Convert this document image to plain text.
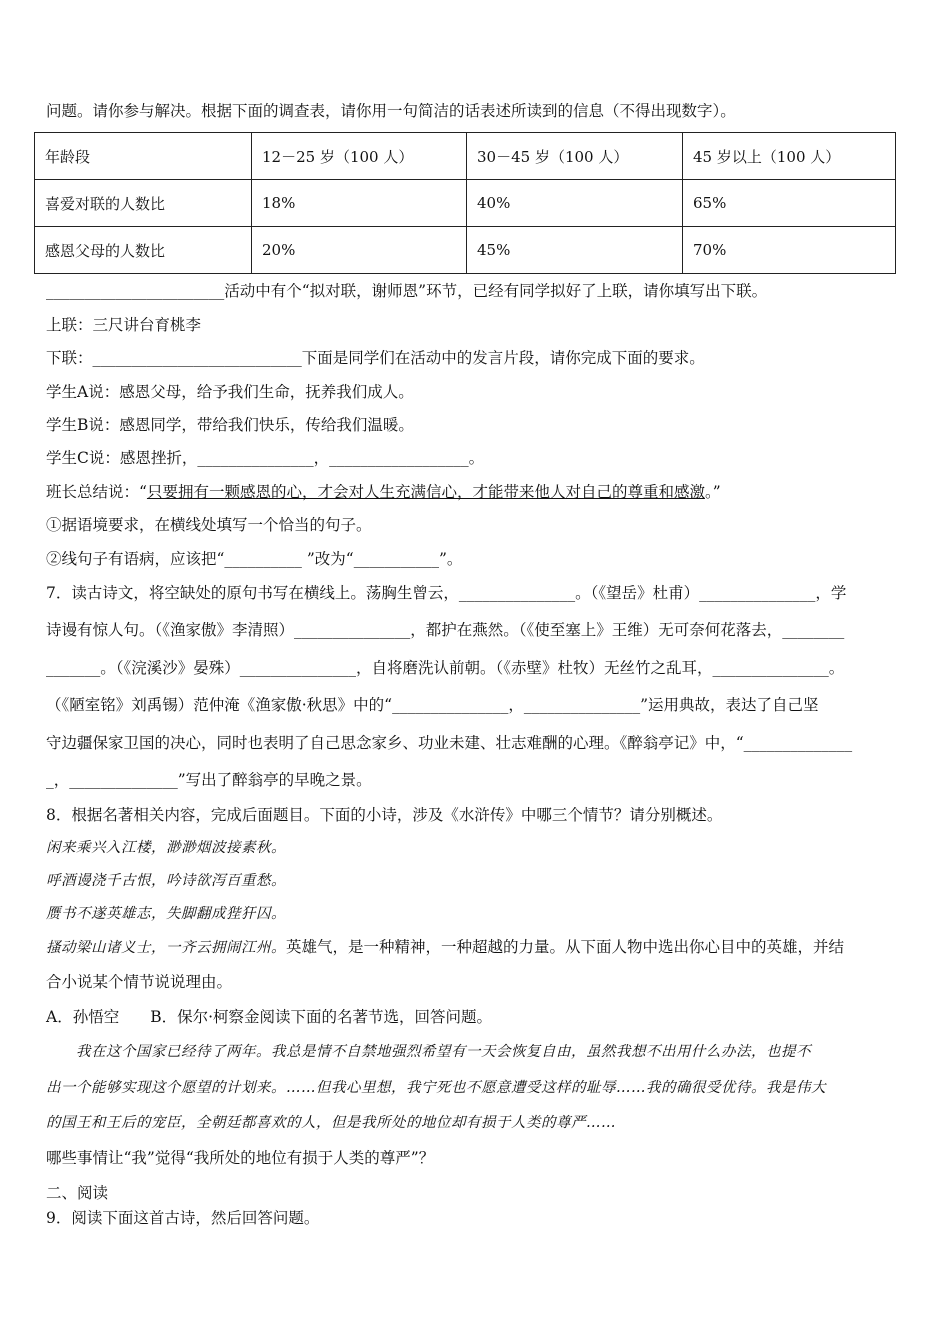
问题。请你参与解决。根据下面的调查表，请你用一句简洁的话表述所读到的信息（不得出现数字）。
年龄段	12－25 岁（100 人）	30－45 岁（100 人）	45 岁以上（100 人）
喜爱对联的人数比	18%	40%	65%
感恩父母的人数比	20%	45%	70%
_______________________活动中有个“拟对联，谢师恩”环节，已经有同学拟好了上联，请你填写出下联。
上联：三尺讲台育桃李
下联：___________________________下面是同学们在活动中的发言片段，请你完成下面的要求。
学生A说：感恩父母，给予我们生命，抚养我们成人。
学生B说：感恩同学，带给我们快乐，传给我们温暖。
学生C说：感恩挫折，_______________，__________________。
班长总结说：“只要拥有一颗感恩的心，才会对人生充满信心，才能带来他人对自己的尊重和感激。”
①据语境要求，在横线处填写一个恰当的句子。
②线句子有语病，应该把“__________ ”改为“___________”。
7．读古诗文，将空缺处的原句书写在横线上。荡胸生曾云，_______________。（《望岳》杜甫）_______________，学
诗谩有惊人句。（《渔家傲》李清照）_______________，都护在燕然。（《使至塞上》王维）无可奈何花落去，________
_______。（《浣溪沙》晏殊）_______________，自将磨洗认前朝。（《赤壁》杜牧）无丝竹之乱耳，_______________。
（《陋室铭》刘禹锡）范仲淹《渔家傲·秋思》中的“_______________，_______________”运用典故，表达了自己坚
守边疆保家卫国的决心，同时也表明了自己思念家乡、功业未建、壮志难酬的心理。《醉翁亭记》中，“______________
_，______________”写出了醉翁亭的早晚之景。
8．根据名著相关内容，完成后面题目。下面的小诗，涉及《水浒传》中哪三个情节？请分别概述。
闲来乘兴入江楼，渺渺烟波接素秋。
呼酒谩浇千古恨，吟诗欲泻百重愁。
赝书不遂英雄志，失脚翻成狴犴囚。
搔动梁山诸义士，一齐云拥闹江州。英雄气，是一种精神，一种超越的力量。从下面人物中选出你心目中的英雄，并结
合小说某个情节说说理由。
A．孙悟空　　B．保尔·柯察金阅读下面的名著节选，回答问题。
　　我在这个国家已经待了两年。我总是情不自禁地强烈希望有一天会恢复自由，虽然我想不出用什么办法，也提不
出一个能够实现这个愿望的计划来。……但我心里想，我宁死也不愿意遭受这样的耻辱……我的确很受优待。我是伟大
的国王和王后的宠臣，全朝廷都喜欢的人，但是我所处的地位却有损于人类的尊严……
哪些事情让“我”觉得“我所处的地位有损于人类的尊严”？
二、阅读
9．阅读下面这首古诗，然后回答问题。
